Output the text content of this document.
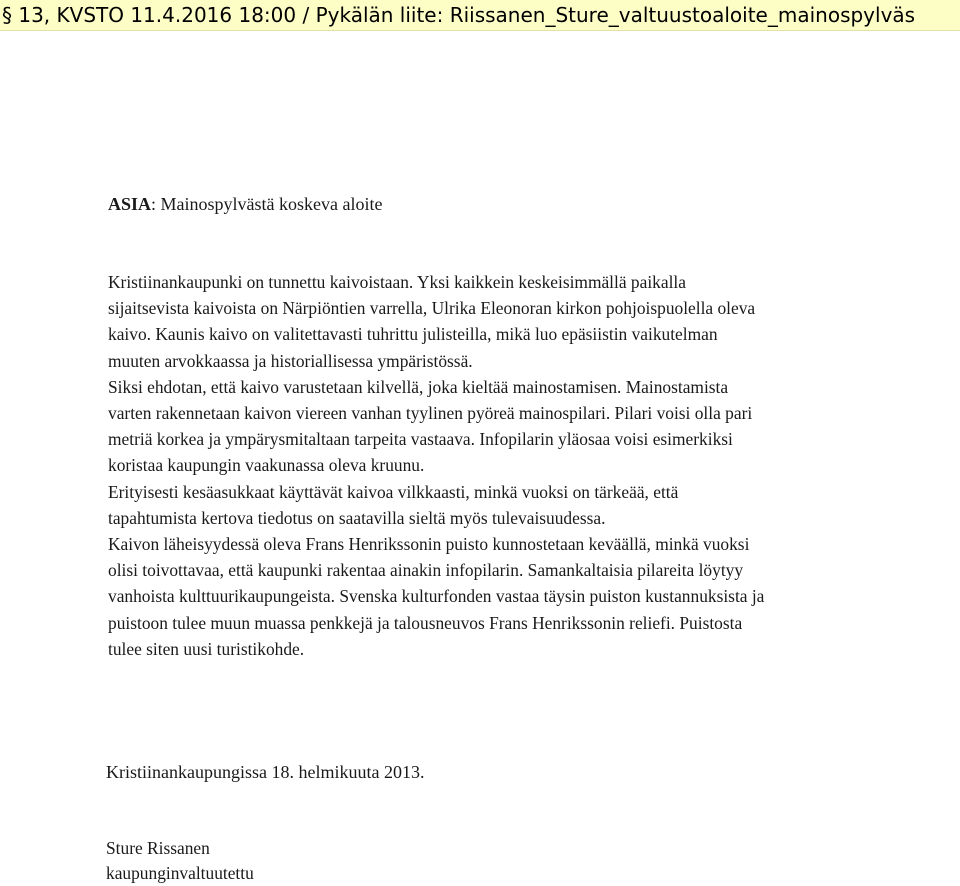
§ 13, KVSTO 11.4.2016 18:00 / Pykälän liite: Riissanen_Sture_valtuustoaloite_mainospylväs
ASIA: Mainospylvästä koskeva aloite
Kristiinankaupunki on tunnettu kaivoistaan. Yksi kaikkein keskeisimmällä paikalla
sijaitsevista kaivoista on Närpiöntien varrella, Ulrika Eleonoran kirkon pohjoispuolella oleva
kaivo. Kaunis kaivo on valitettavasti tuhrittu julisteilla, mikä luo epäsiistin vaikutelman
muuten arvokkaassa ja historiallisessa ympäristössä.
Siksi ehdotan, että kaivo varustetaan kilvellä, joka kieltää mainostamisen. Mainostamista
varten rakennetaan kaivon viereen vanhan tyylinen pyöreä mainospilari. Pilari voisi olla pari
metriä korkea ja ympärysmitaltaan tarpeita vastaava. Infopilarin yläosaa voisi esimerkiksi
koristaa kaupungin vaakunassa oleva kruunu.
Erityisesti kesäasukkaat käyttävät kaivoa vilkkaasti, minkä vuoksi on tärkeää, että
tapahtumista kertova tiedotus on saatavilla sieltä myös tulevaisuudessa.
Kaivon läheisyydessä oleva Frans Henrikssonin puisto kunnostetaan keväällä, minkä vuoksi
olisi toivottavaa, että kaupunki rakentaa ainakin infopilarin. Samankaltaisia pilareita löytyy
vanhoista kulttuurikaupungeista. Svenska kulturfonden vastaa täysin puiston kustannuksista ja
puistoon tulee muun muassa penkkejä ja talousneuvos Frans Henrikssonin reliefi. Puistosta
tulee siten uusi turistikohde.
Kristiinankaupungissa 18. helmikuuta 2013.
Sture Rissanen
kaupunginvaltuutettu
